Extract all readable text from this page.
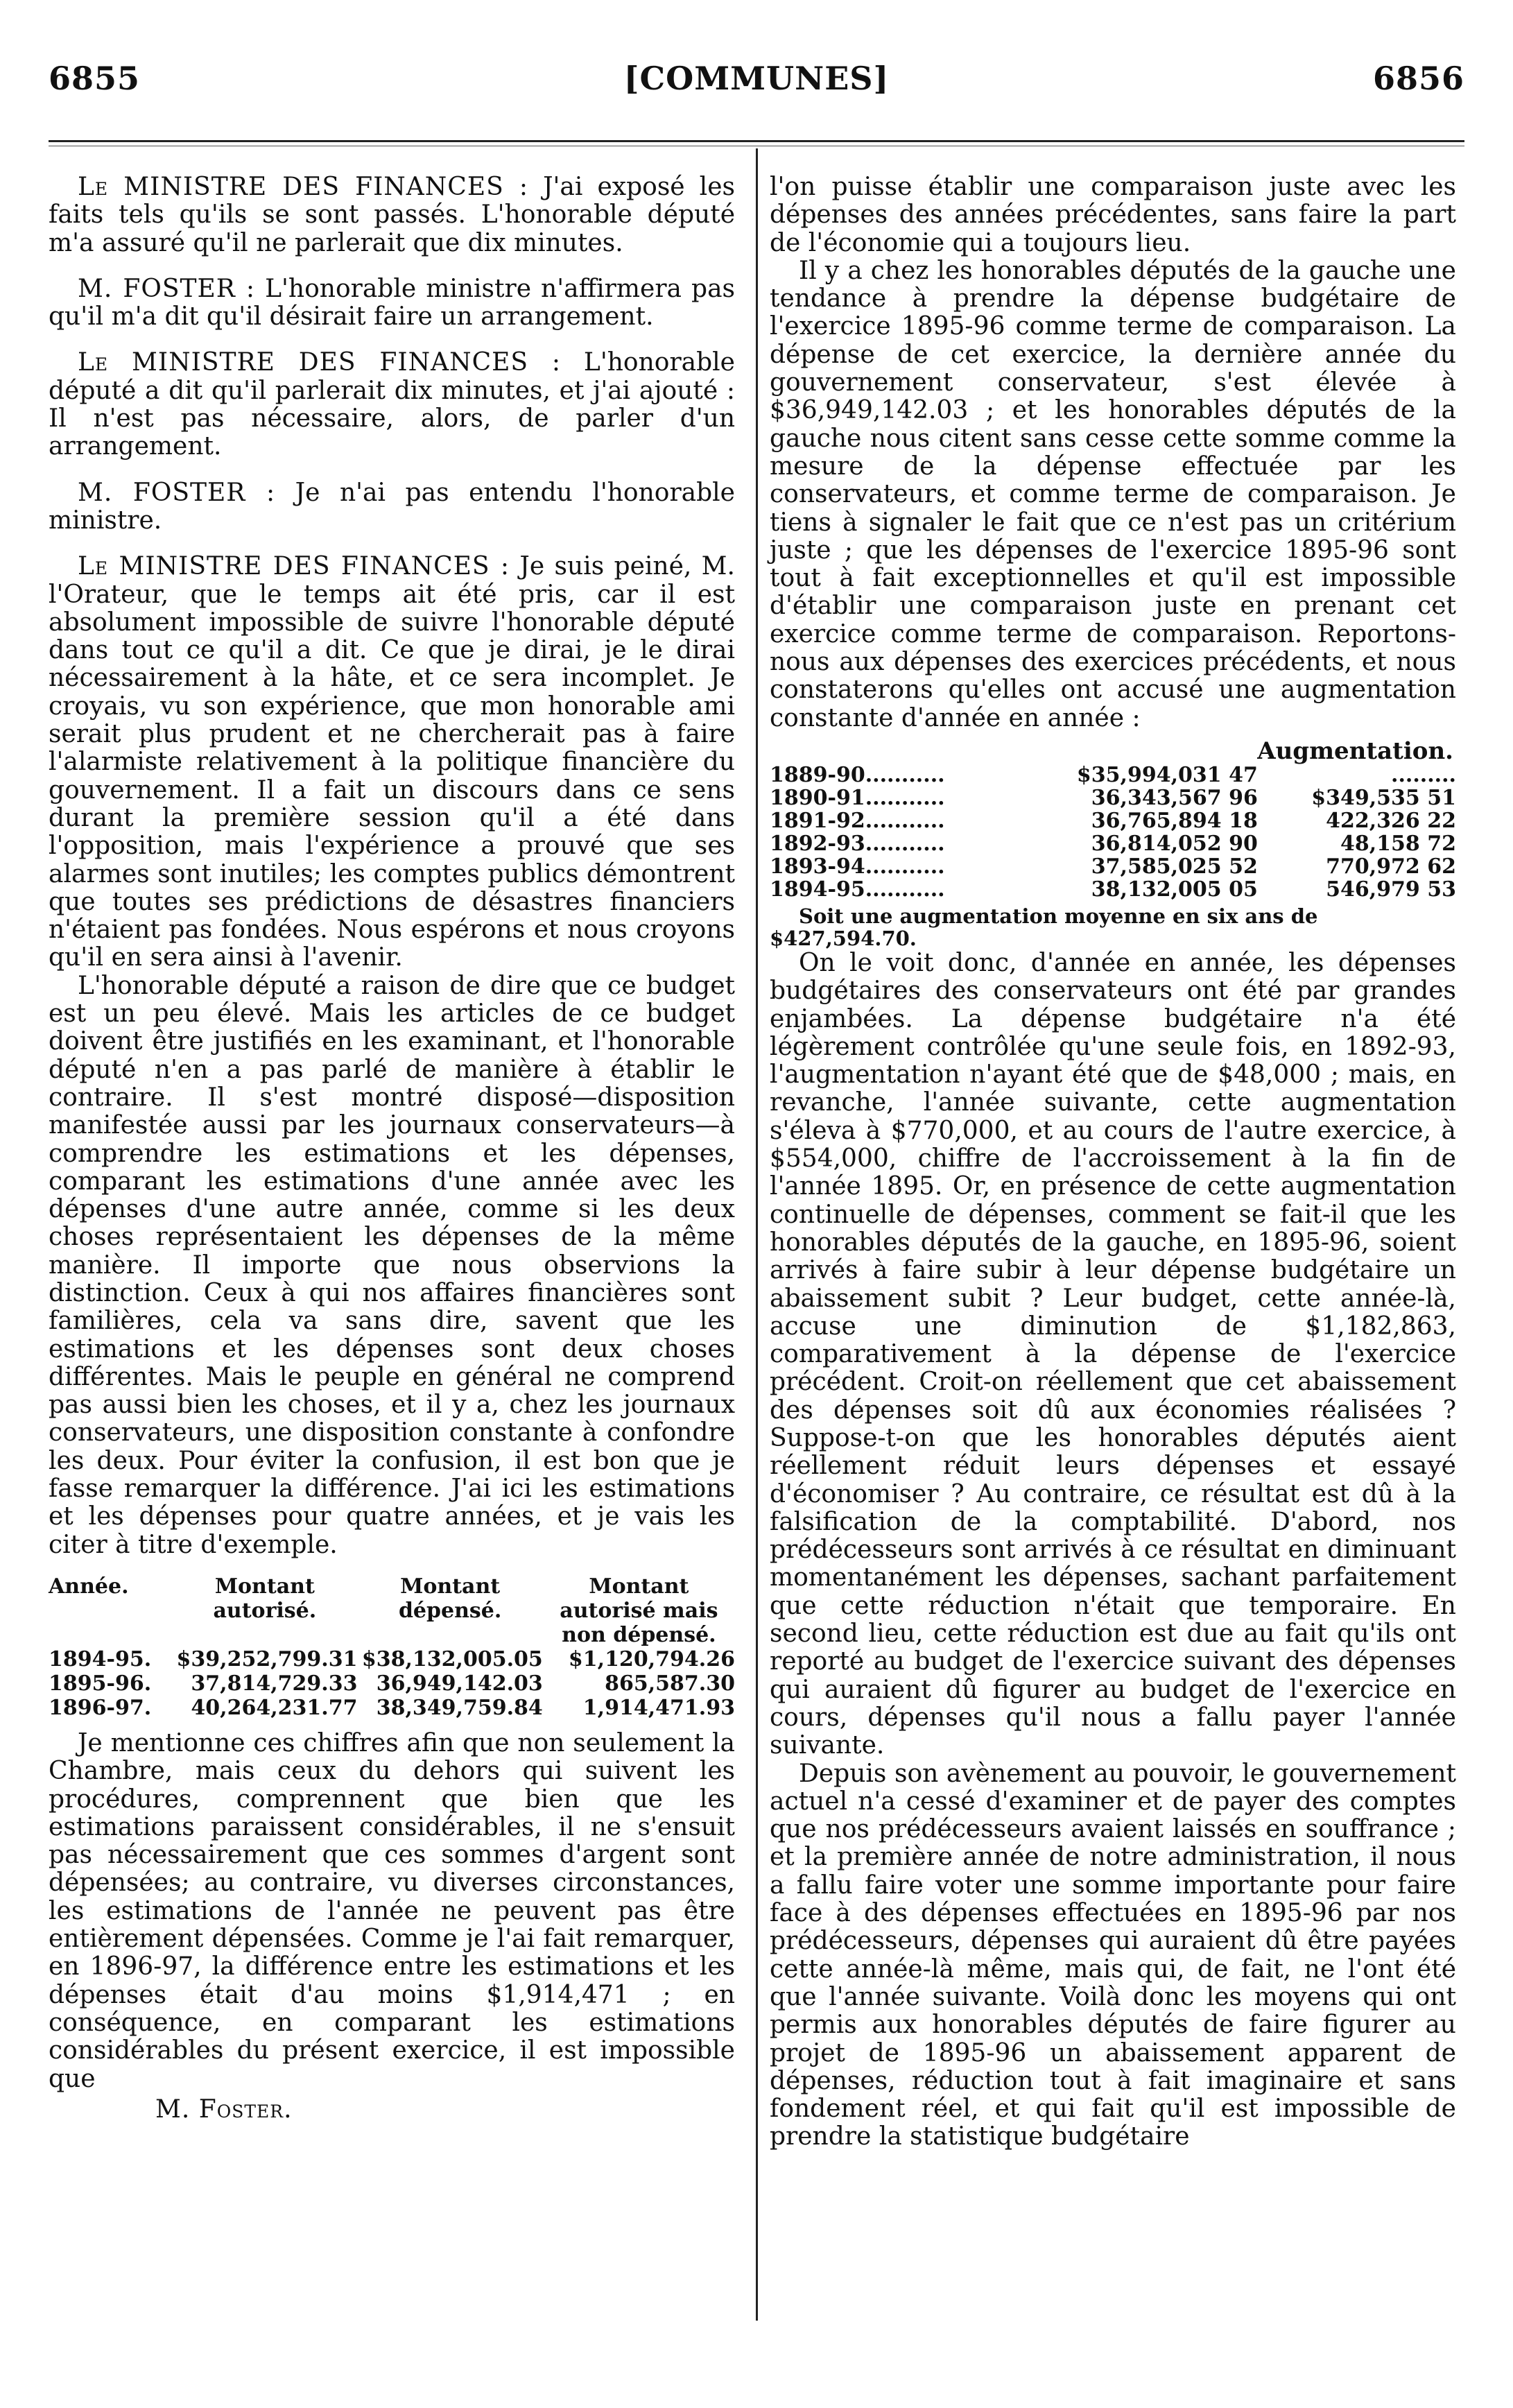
6855	[COMMUNES]	6856

Le MINISTRE DES FINANCES : J'ai exposé les faits tels qu'ils se sont passés. L'honorable député m'a assuré qu'il ne parlerait que dix minutes.

M. FOSTER : L'honorable ministre n'affirmera pas qu'il m'a dit qu'il désirait faire un arrangement.

Le MINISTRE DES FINANCES : L'honorable député a dit qu'il parlerait dix minutes, et j'ai ajouté : Il n'est pas nécessaire, alors, de parler d'un arrangement.

M. FOSTER : Je n'ai pas entendu l'honorable ministre.

Le MINISTRE DES FINANCES : Je suis peiné, M. l'Orateur, que le temps ait été pris, car il est absolument impossible de suivre l'honorable député dans tout ce qu'il a dit. Ce que je dirai, je le dirai nécessairement à la hâte, et ce sera incomplet. Je croyais, vu son expérience, que mon honorable ami serait plus prudent et ne chercherait pas à faire l'alarmiste relativement à la politique financière du gouvernement. Il a fait un discours dans ce sens durant la première session qu'il a été dans l'opposition, mais l'expérience a prouvé que ses alarmes sont inutiles; les comptes publics démontrent que toutes ses prédictions de désastres financiers n'étaient pas fondées. Nous espérons et nous croyons qu'il en sera ainsi à l'avenir.

L'honorable député a raison de dire que ce budget est un peu élevé. Mais les articles de ce budget doivent être justifiés en les examinant, et l'honorable député n'en a pas parlé de manière à établir le contraire. Il s'est montré disposé—disposition manifestée aussi par les journaux conservateurs—à comprendre les estimations et les dépenses, comparant les estimations d'une année avec les dépenses d'une autre année, comme si les deux choses représentaient les dépenses de la même manière. Il importe que nous observions la distinction. Ceux à qui nos affaires financières sont familières, cela va sans dire, savent que les estimations et les dépenses sont deux choses différentes. Mais le peuple en général ne comprend pas aussi bien les choses, et il y a, chez les journaux conservateurs, une disposition constante à confondre les deux. Pour éviter la confusion, il est bon que je fasse remarquer la différence. J'ai ici les estimations et les dépenses pour quatre années, et je vais les citer à titre d'exemple.

Année.	Montant autorisé.	Montant dépensé.	Montant autorisé mais non dépensé.
1894-95.	$39,252,799.31	$38,132,005.05	$1,120,794.26
1895-96.	37,814,729.33	36,949,142.03	865,587.30
1896-97.	40,264,231.77	38,349,759.84	1,914,471.93

Je mentionne ces chiffres afin que non seulement la Chambre, mais ceux du dehors qui suivent les procédures, comprennent que bien que les estimations paraissent considérables, il ne s'ensuit pas nécessairement que ces sommes d'argent sont dépensées; au contraire, vu diverses circonstances, les estimations de l'année ne peuvent pas être entièrement dépensées. Comme je l'ai fait remarquer, en 1896-97, la différence entre les estimations et les dépenses était d'au moins $1,914,471 ; en conséquence, en comparant les estimations considérables du présent exercice, il est impossible que

M. Foster.

l'on puisse établir une comparaison juste avec les dépenses des années précédentes, sans faire la part de l'économie qui a toujours lieu.

Il y a chez les honorables députés de la gauche une tendance à prendre la dépense budgétaire de l'exercice 1895-96 comme terme de comparaison. La dépense de cet exercice, la dernière année du gouvernement conservateur, s'est élevée à $36,949,142.03 ; et les honorables députés de la gauche nous citent sans cesse cette somme comme la mesure de la dépense effectuée par les conservateurs, et comme terme de comparaison. Je tiens à signaler le fait que ce n'est pas un critérium juste ; que les dépenses de l'exercice 1895-96 sont tout à fait exceptionnelles et qu'il est impossible d'établir une comparaison juste en prenant cet exercice comme terme de comparaison. Reportons-nous aux dépenses des exercices précédents, et nous constaterons qu'elles ont accusé une augmentation constante d'année en année :

Augmentation.		
1889-90...........	$35,994,031 47	.........
1890-91...........	36,343,567 96	$349,535 51
1891-92...........	36,765,894 18	422,326 22
1892-93...........	36,814,052 90	48,158 72
1893-94...........	37,585,025 52	770,972 62
1894-95...........	38,132,005 05	546,979 53

Soit une augmentation moyenne en six ans de $427,594.70.

On le voit donc, d'année en année, les dépenses budgétaires des conservateurs ont été par grandes enjambées. La dépense budgétaire n'a été légèrement contrôlée qu'une seule fois, en 1892-93, l'augmentation n'ayant été que de $48,000 ; mais, en revanche, l'année suivante, cette augmentation s'éleva à $770,000, et au cours de l'autre exercice, à $554,000, chiffre de l'accroissement à la fin de l'année 1895. Or, en présence de cette augmentation continuelle de dépenses, comment se fait-il que les honorables députés de la gauche, en 1895-96, soient arrivés à faire subir à leur dépense budgétaire un abaissement subit ? Leur budget, cette année-là, accuse une diminution de $1,182,863, comparativement à la dépense de l'exercice précédent. Croit-on réellement que cet abaissement des dépenses soit dû aux économies réalisées ? Suppose-t-on que les honorables députés aient réellement réduit leurs dépenses et essayé d'économiser ? Au contraire, ce résultat est dû à la falsification de la comptabilité. D'abord, nos prédécesseurs sont arrivés à ce résultat en diminuant momentanément les dépenses, sachant parfaitement que cette réduction n'était que temporaire. En second lieu, cette réduction est due au fait qu'ils ont reporté au budget de l'exercice suivant des dépenses qui auraient dû figurer au budget de l'exercice en cours, dépenses qu'il nous a fallu payer l'année suivante.

Depuis son avènement au pouvoir, le gouvernement actuel n'a cessé d'examiner et de payer des comptes que nos prédécesseurs avaient laissés en souffrance ; et la première année de notre administration, il nous a fallu faire voter une somme importante pour faire face à des dépenses effectuées en 1895-96 par nos prédécesseurs, dépenses qui auraient dû être payées cette année-là même, mais qui, de fait, ne l'ont été que l'année suivante. Voilà donc les moyens qui ont permis aux honorables députés de faire figurer au projet de 1895-96 un abaissement apparent de dépenses, réduction tout à fait imaginaire et sans fondement réel, et qui fait qu'il est impossible de prendre la statistique budgétaire
